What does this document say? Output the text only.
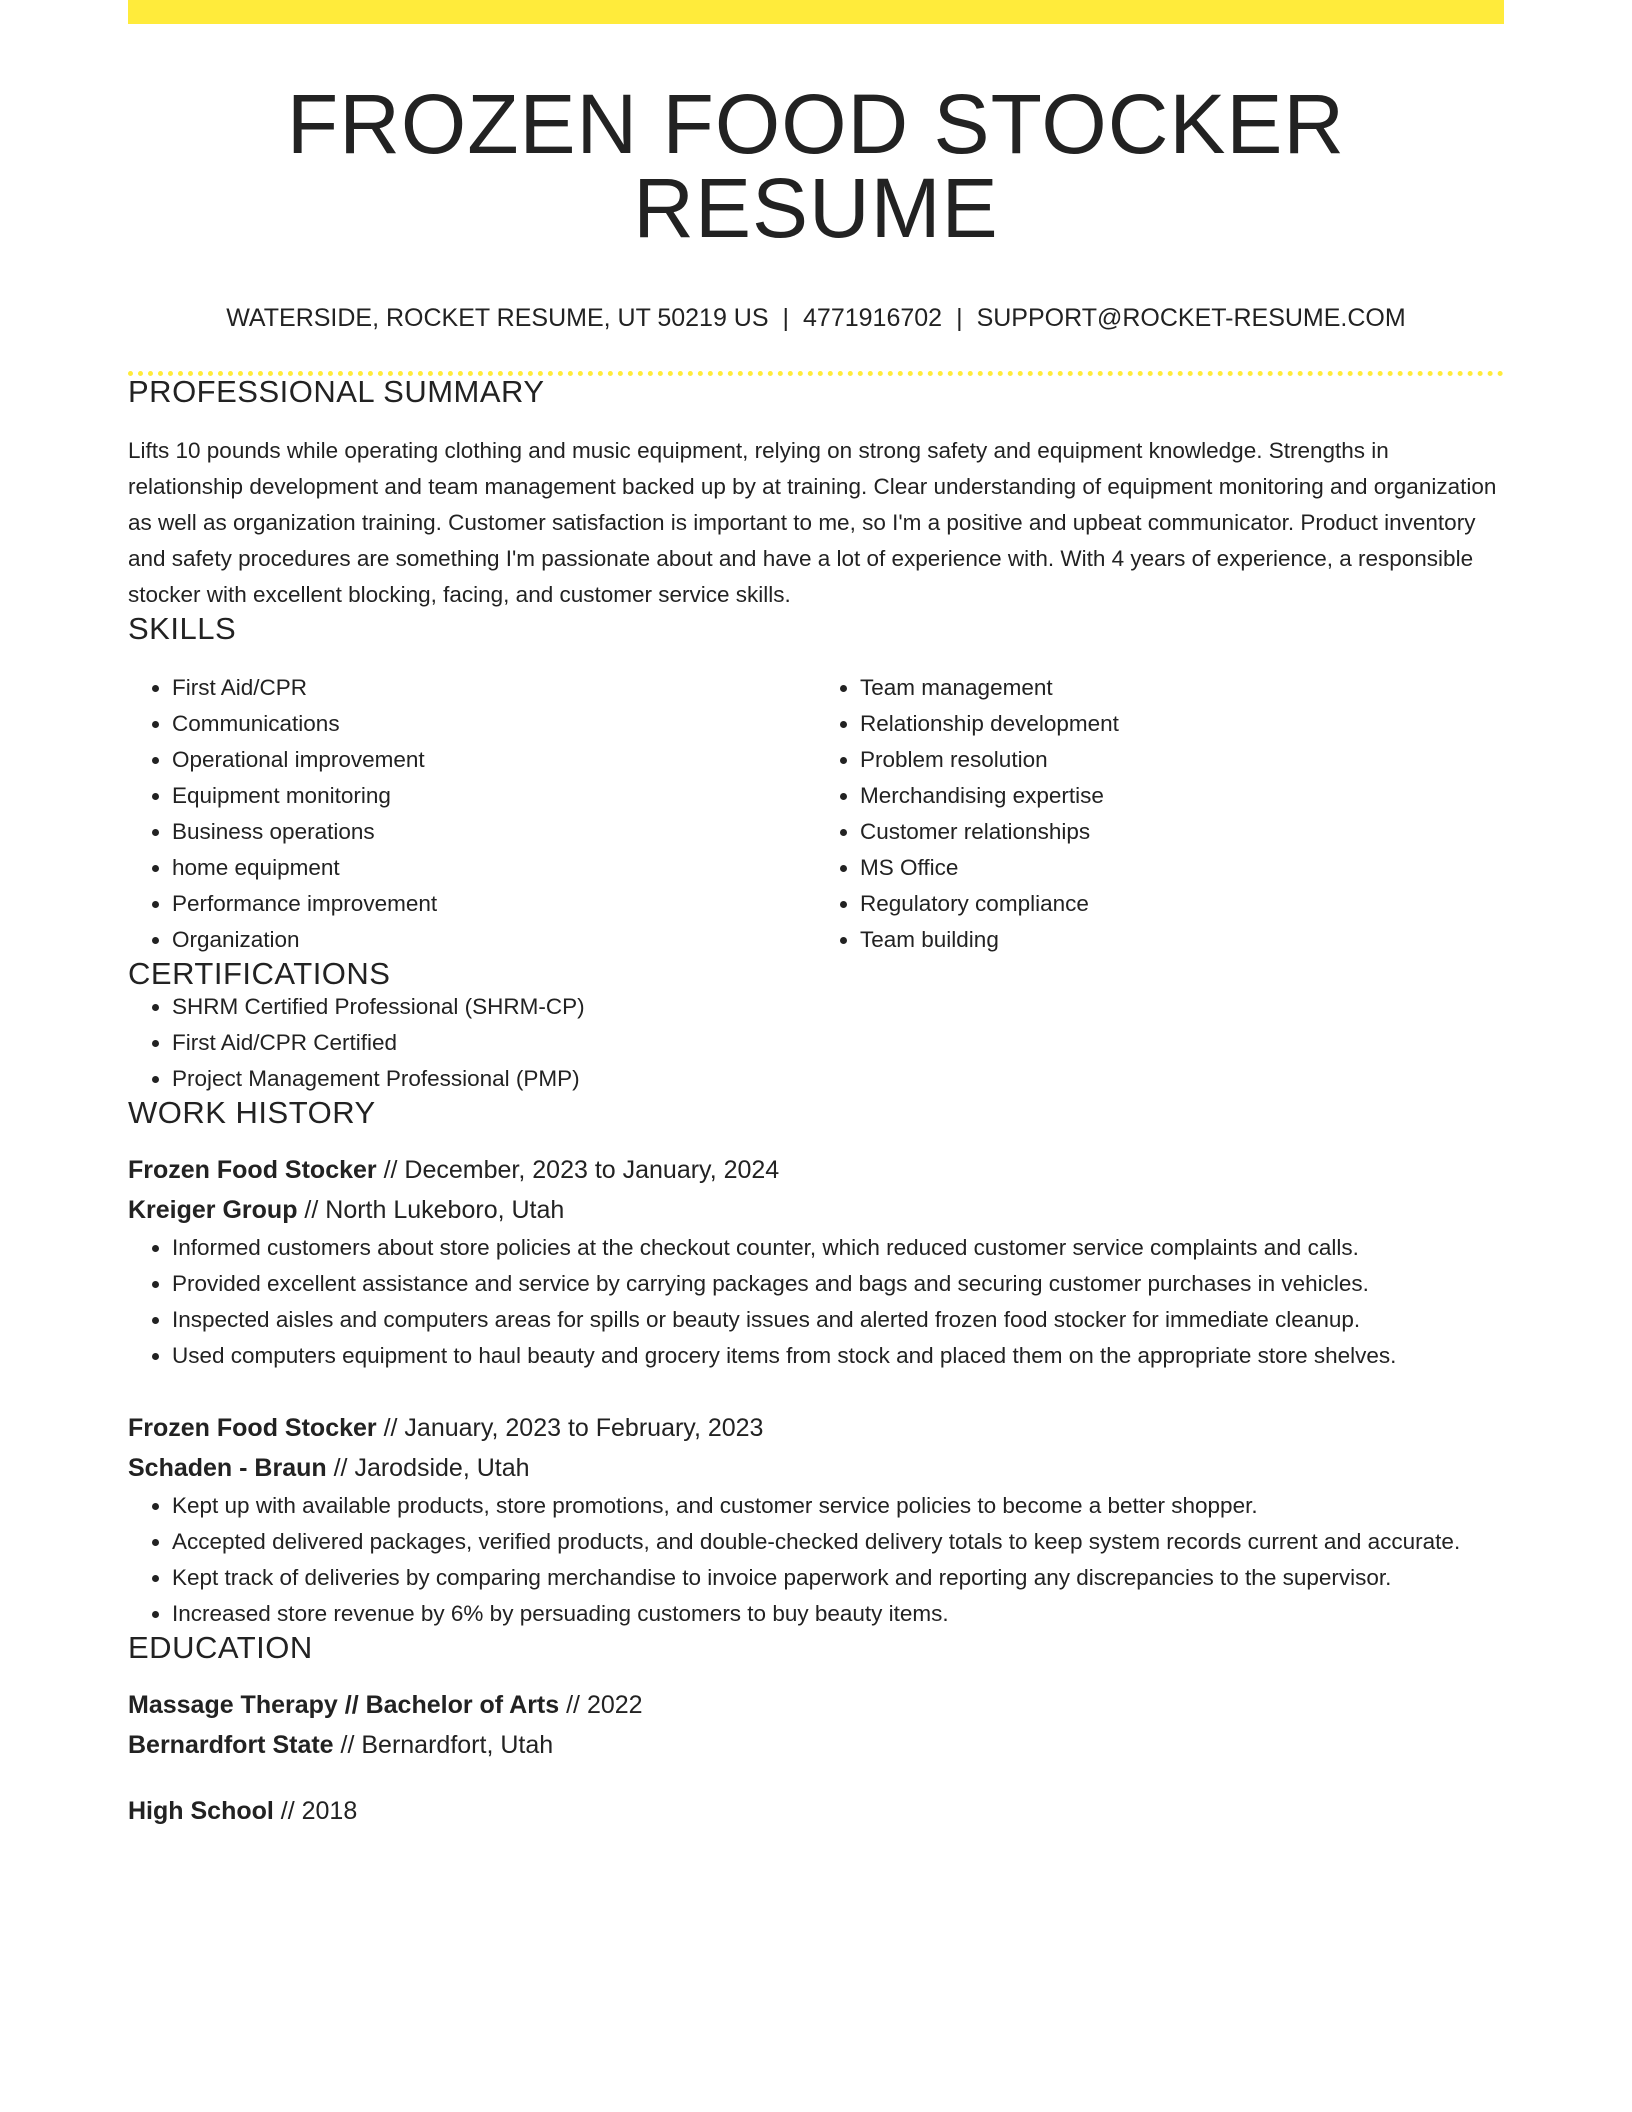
FROZEN FOOD STOCKER RESUME
WATERSIDE, ROCKET RESUME, UT 50219 US | 4771916702 | SUPPORT@ROCKET-RESUME.COM
PROFESSIONAL SUMMARY

Lifts 10 pounds while operating clothing and music equipment, relying on strong safety and equipment knowledge. Strengths in relationship development and team management backed up by at training. Clear understanding of equipment monitoring and organization as well as organization training. Customer satisfaction is important to me, so I'm a positive and upbeat communicator. Product inventory and safety procedures are something I'm passionate about and have a lot of experience with. With 4 years of experience, a responsible stocker with excellent blocking, facing, and customer service skills.

SKILLS
• First Aid/CPR
• Communications
• Operational improvement
• Equipment monitoring
• Business operations
• home equipment
• Performance improvement
• Organization
• Team management
• Relationship development
• Problem resolution
• Merchandising expertise
• Customer relationships
• MS Office
• Regulatory compliance
• Team building
CERTIFICATIONS
• SHRM Certified Professional (SHRM-CP)
• First Aid/CPR Certified
• Project Management Professional (PMP)
WORK HISTORY
Frozen Food Stocker // December, 2023 to January, 2024
Kreiger Group // North Lukeboro, Utah
• Informed customers about store policies at the checkout counter, which reduced customer service complaints and calls.
• Provided excellent assistance and service by carrying packages and bags and securing customer purchases in vehicles.
• Inspected aisles and computers areas for spills or beauty issues and alerted frozen food stocker for immediate cleanup.
• Used computers equipment to haul beauty and grocery items from stock and placed them on the appropriate store shelves.
Frozen Food Stocker // January, 2023 to February, 2023
Schaden - Braun // Jarodside, Utah
• Kept up with available products, store promotions, and customer service policies to become a better shopper.
• Accepted delivered packages, verified products, and double-checked delivery totals to keep system records current and accurate.
• Kept track of deliveries by comparing merchandise to invoice paperwork and reporting any discrepancies to the supervisor.
• Increased store revenue by 6% by persuading customers to buy beauty items.
EDUCATION
Massage Therapy // Bachelor of Arts // 2022
Bernardfort State // Bernardfort, Utah
High School // 2018
